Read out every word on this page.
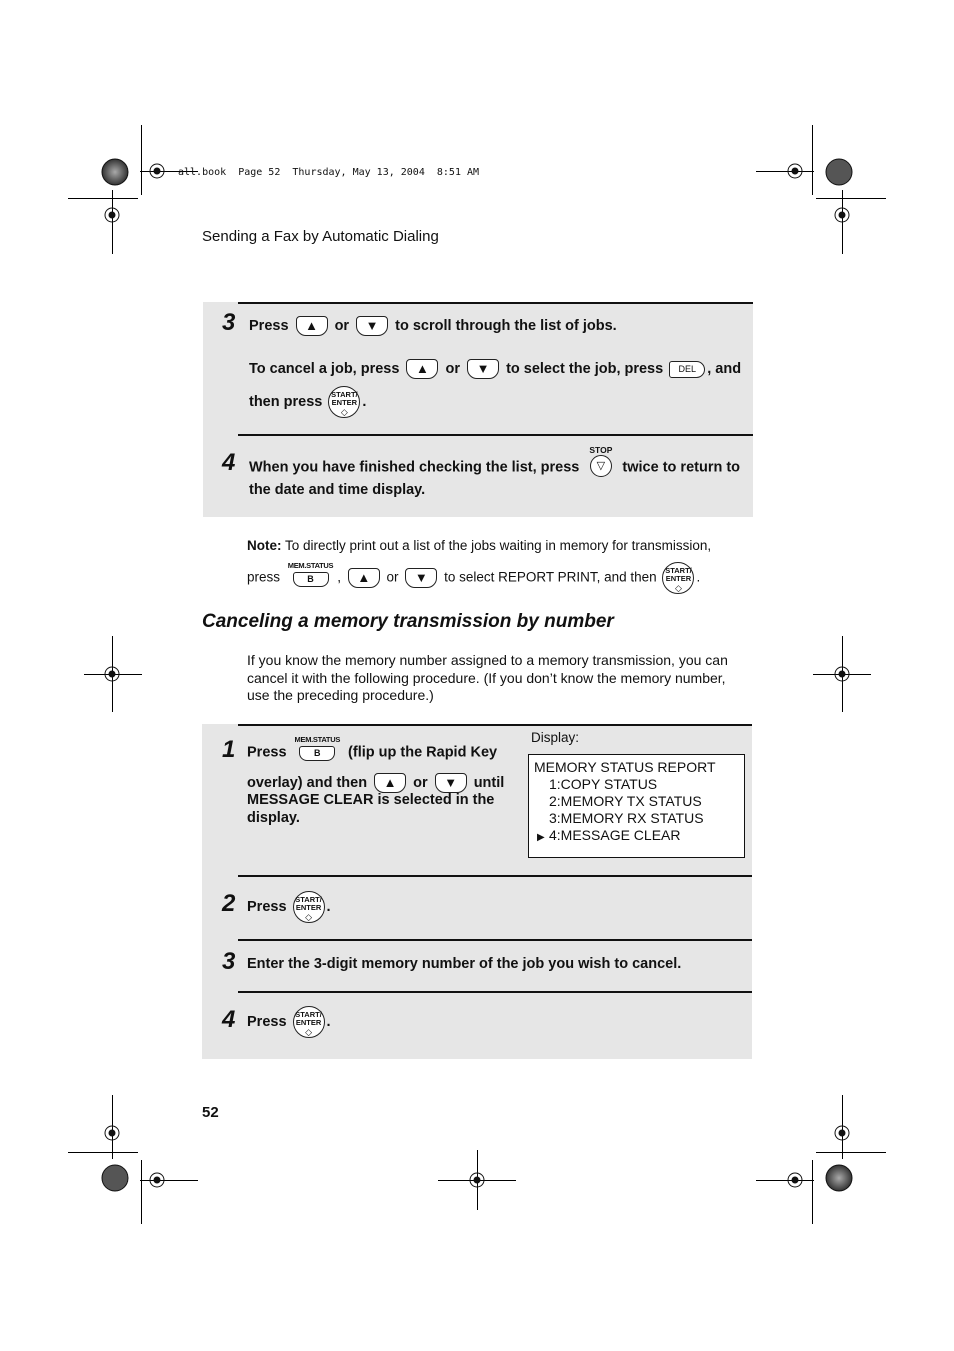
all.book  Page 52  Thursday, May 13, 2004  8:51 AM
Sending a Fax by Automatic Dialing
3 Press	▲	or	▼	to scroll through the list of jobs.
To cancel a job, press	▲	or	▼	to select the job, press DEL , and
then press START/
ENTER
◇
.
4 When you have finished checking the list, press
STOP
▽ twice to return to
the date and time display.
Note: To directly print out a list of the jobs waiting in memory for transmission,
press
MEM.STATUS
B ,	▲	or	▼	to select REPORT PRINT, and then START/
ENTER
◇
.
Canceling a memory transmission by number
If you know the memory number assigned to a memory transmission, you can cancel it with the following procedure. (If you don’t know the memory number, use the preceding procedure.)
1 Press
MEM.STATUS
B (flip up the Rapid Key
overlay) and then	▲	or	▼	until
MESSAGE CLEAR is selected in the display.
Display:
MEMORY STATUS REPORT
1:COPY STATUS
2:MEMORY TX STATUS
3:MEMORY RX STATUS
▶ 4:MESSAGE CLEAR
2 Press START/
ENTER
◇
.
3 Enter the 3-digit memory number of the job you wish to cancel.
4 Press START/
ENTER
◇
.
52
